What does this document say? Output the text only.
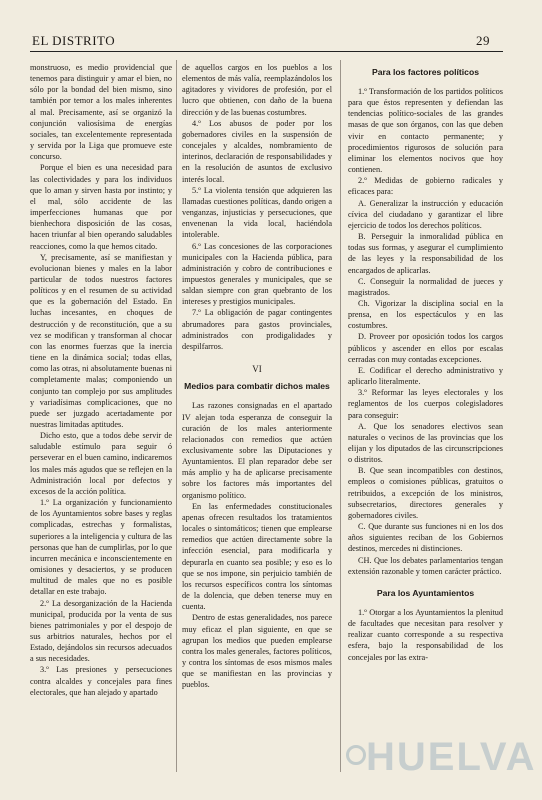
EL DISTRITO	29

monstruoso, es medio providencial que tenemos para distinguir y amar el bien, no sólo por la bondad del bien mismo, sino también por temor a los males inherentes al mal. Precisamente, así se organizó la conjunción valiosísima de energías sociales, tan excelentemente representada y servida por la Liga que promueve este concurso.

Porque el bien es una necesidad para las colectividades y para los individuos que lo aman y sirven hasta por instinto; y el mal, sólo accidente de las imperfecciones humanas que por bienhechora disposición de las cosas, hacen triunfar al bien operando saludables reacciones, como la que hemos citado.

Y, precisamente, así se manifiestan y evolucionan bienes y males en la labor particular de todos nuestros factores políticos y en el resumen de su actividad que es la gobernación del Estado. En luchas incesantes, en choques de destrucción y de reconstitución, que a su vez se modifican y transforman al chocar con las enormes fuerzas que la inercia tiene en la dinámica social; todas ellas, como las otras, ni absolutamente buenas ni completamente malas; componiendo un conjunto tan complejo por sus amplitudes y variadísimas complicaciones, que no puede ser juzgado acertadamente por nuestras limitadas aptitudes.

Dicho esto, que a todos debe servir de saludable estímulo para seguir ó perseverar en el buen camino, indicaremos los males más agudos que se reflejen en la Administración local por defectos y excesos de la acción política.

1.º La organización y funcionamiento de los Ayuntamientos sobre bases y reglas complicadas, estrechas y formalistas, superiores a la inteligencia y cultura de las personas que han de cumplirlas, por lo que incurren mecánica e inconscientemente en omisiones y desaciertos, y se producen multitud de males que no es posible detallar en este trabajo.

2.º La desorganización de la Hacienda municipal, producida por la venta de sus bienes patrimoniales y por el despojo de sus arbitrios naturales, hechos por el Estado, dejándolos sin recursos adecuados a sus necesidades.

3.º Las presiones y persecuciones contra alcaldes y concejales para fines electorales, que han alejado y apartado

de aquellos cargos en los pueblos a los elementos de más valía, reemplazándolos los agitadores y vividores de profesión, por el lucro que obtienen, con daño de la buena dirección y de las buenas costumbres.

4.º Los abusos de poder por los gobernadores civiles en la suspensión de concejales y alcaldes, nombramiento de interinos, declaración de responsabilidades y en la resolución de asuntos de exclusivo interés local.

5.º La violenta tensión que adquieren las llamadas cuestiones políticas, dando origen a venganzas, injusticias y persecuciones, que envenenan la vida local, haciéndola intolerable.

6.º Las concesiones de las corporaciones municipales con la Hacienda pública, para administración y cobro de contribuciones e impuestos generales y municipales, que se saldan siempre con gran quebranto de los intereses y prestigios municipales.

7.º La obligación de pagar contingentes abrumadores para gastos provinciales, administrados con prodigalidades y despilfarros.

VI
Medios para combatir dichos males

Las razones consignadas en el apartado IV alejan toda esperanza de conseguir la curación de los males anteriormente relacionados con remedios que actúen exclusivamente sobre las Diputaciones y Ayuntamientos. El plan reparador debe ser más amplio y ha de aplicarse precisamente sobre los factores más importantes del organismo político.

En las enfermedades constitucionales apenas ofrecen resultados los tratamientos locales o sintomáticos; tienen que emplearse remedios que actúen directamente sobre la infección esencial, para modificarla y depurarla en cuanto sea posible; y eso es lo que se nos impone, sin perjuicio también de los recursos específicos contra los síntomas de la dolencia, que deben tenerse muy en cuenta.

Dentro de estas generalidades, nos parece muy eficaz el plan siguiente, en que se agrupan los medios que pueden emplearse contra los males generales, factores políticos, y contra los síntomas de esos mismos males que se manifiestan en las provincias y pueblos.

Para los factores políticos

1.º Transformación de los partidos políticos para que éstos representen y defiendan las tendencias político-sociales de las grandes masas de que son órganos, con las que deben vivir en contacto permanente; y procedimientos rigurosos de solución para eliminar los elementos nocivos que hoy contienen.

2.º Medidas de gobierno radicales y eficaces para:

A. Generalizar la instrucción y educación cívica del ciudadano y garantizar el libre ejercicio de todos los derechos políticos.

B. Perseguir la inmoralidad pública en todas sus formas, y asegurar el cumplimiento de las leyes y la responsabilidad de los encargados de aplicarlas.

C. Conseguir la normalidad de jueces y magistrados.

Ch. Vigorizar la disciplina social en la prensa, en los espectáculos y en las costumbres.

D. Proveer por oposición todos los cargos públicos y ascender en ellos por escalas cerradas con muy contadas excepciones.

E. Codificar el derecho administrativo y aplicarlo literalmente.

3.º Reformar las leyes electorales y los reglamentos de los cuerpos colegisladores para conseguir:

A. Que los senadores electivos sean naturales o vecinos de las provincias que los elijan y los diputados de las circunscripciones o distritos.

B. Que sean incompatibles con destinos, empleos o comisiones públicas, gratuitos o retribuidos, a excepción de los ministros, subsecretarios, directores generales y gobernadores civiles.

C. Que durante sus funciones ni en los dos años siguientes reciban de los Gobiernos destinos, mercedes ni distinciones.

CH. Que los debates parlamentarios tengan extensión razonable y tomen carácter práctico.

Para los Ayuntamientos

1.º Otorgar a los Ayuntamientos la plenitud de facultades que necesitan para resolver y realizar cuanto corresponde a su respectiva esfera, bajo la responsabilidad de los concejales por las extra-

HUELVA
